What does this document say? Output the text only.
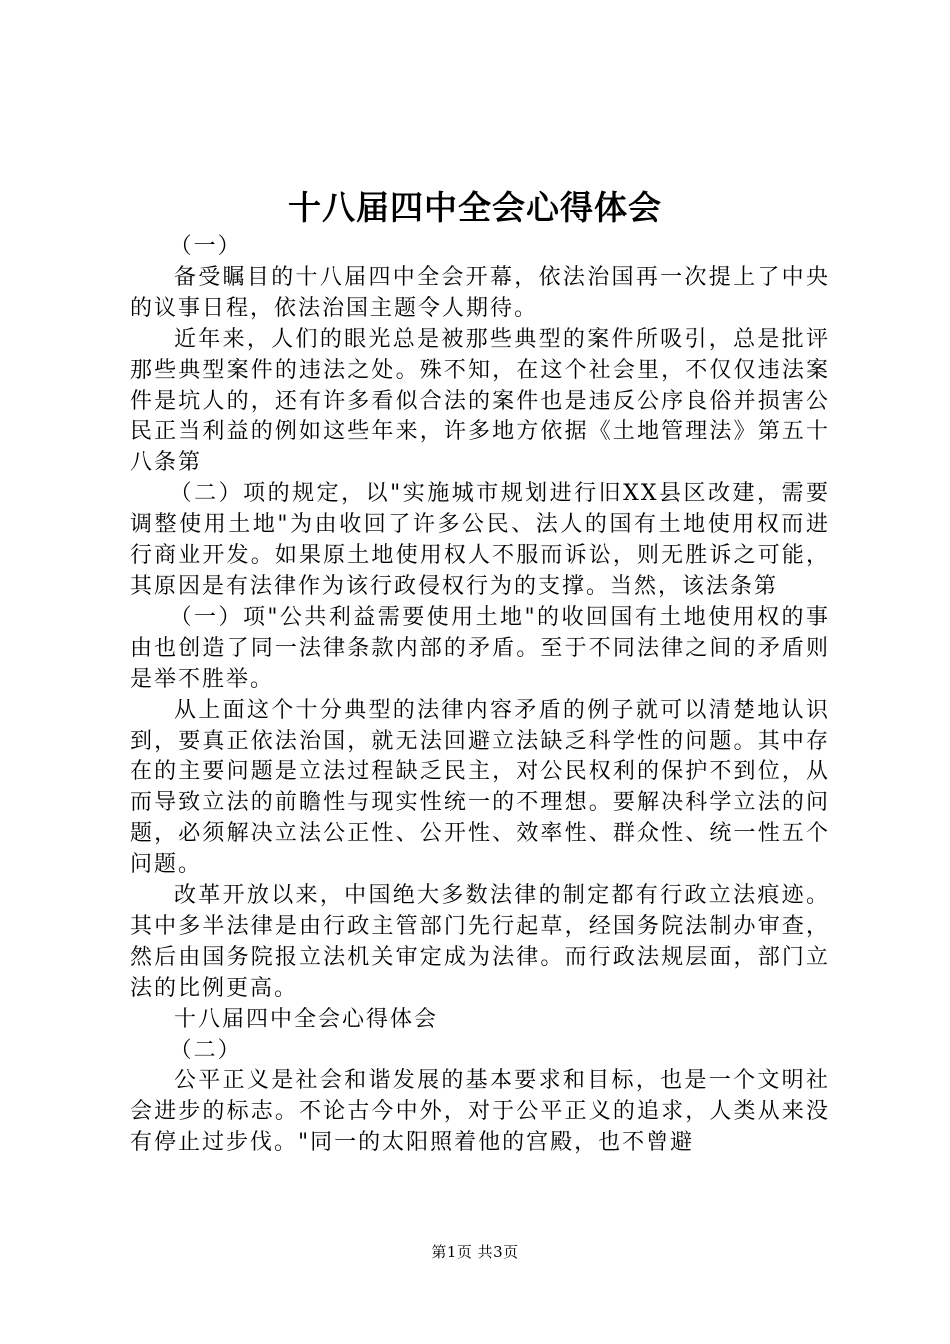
十八届四中全会心得体会

（一）

备受瞩目的十八届四中全会开幕，依法治国再一次提上了中央的议事日程，依法治国主题令人期待。

近年来，人们的眼光总是被那些典型的案件所吸引，总是批评那些典型案件的违法之处。殊不知，在这个社会里，不仅仅违法案件是坑人的，还有许多看似合法的案件也是违反公序良俗并损害公民正当利益的例如这些年来，许多地方依据《土地管理法》第五十八条第

（二）项的规定，以"实施城市规划进行旧XX县区改建，需要调整使用土地"为由收回了许多公民、法人的国有土地使用权而进行商业开发。如果原土地使用权人不服而诉讼，则无胜诉之可能，其原因是有法律作为该行政侵权行为的支撑。当然，该法条第

（一）项"公共利益需要使用土地"的收回国有土地使用权的事由也创造了同一法律条款内部的矛盾。至于不同法律之间的矛盾则是举不胜举。

从上面这个十分典型的法律内容矛盾的例子就可以清楚地认识到，要真正依法治国，就无法回避立法缺乏科学性的问题。其中存在的主要问题是立法过程缺乏民主，对公民权利的保护不到位，从而导致立法的前瞻性与现实性统一的不理想。要解决科学立法的问题，必须解决立法公正性、公开性、效率性、群众性、统一性五个问题。

改革开放以来，中国绝大多数法律的制定都有行政立法痕迹。其中多半法律是由行政主管部门先行起草，经国务院法制办审查，然后由国务院报立法机关审定成为法律。而行政法规层面，部门立法的比例更高。

十八届四中全会心得体会

（二）

公平正义是社会和谐发展的基本要求和目标，也是一个文明社会进步的标志。不论古今中外，对于公平正义的追求，人类从来没有停止过步伐。"同一的太阳照着他的宫殿，也不曾避

第1页 共3页
